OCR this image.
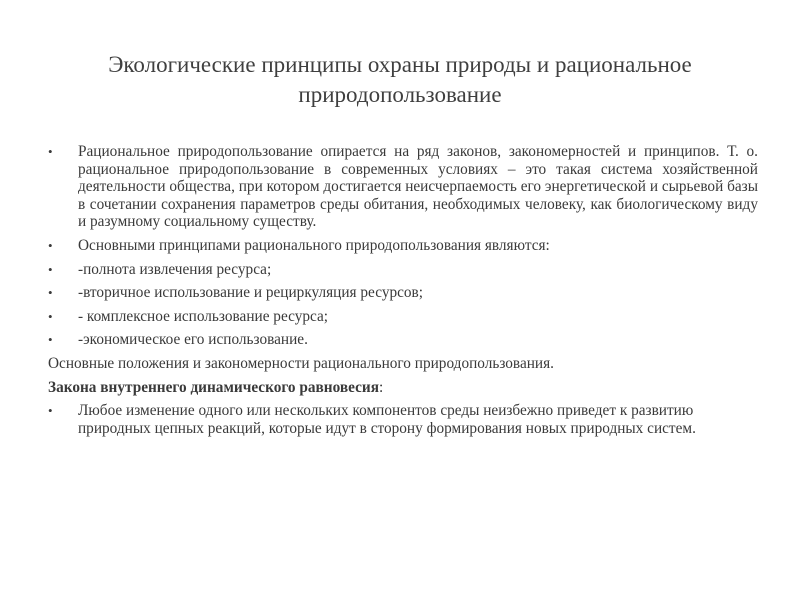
Экологические принципы охраны природы и рациональное природопользование
•	Рациональное природопользование опирается на ряд законов, закономерностей и принципов. Т. о. рациональное природопользование в современных условиях – это такая система хозяйственной деятельности общества, при котором достигается неисчерпаемость его энергетической и сырьевой базы в сочетании сохранения параметров среды обитания, необходимых человеку, как биологическому виду и разумному социальному существу.
•	Основными принципами рационального природопользования являются:
•	-полнота извлечения ресурса;
•	-вторичное использование и рециркуляция ресурсов;
•	- комплексное использование ресурса;
•	-экономическое его использование.
Основные положения и закономерности рационального природопользования.
Закона внутреннего динамического равновесия:
•	Любое изменение одного или нескольких компонентов среды неизбежно приведет к развитию природных цепных реакций, которые идут в сторону формирования новых природных систем.
